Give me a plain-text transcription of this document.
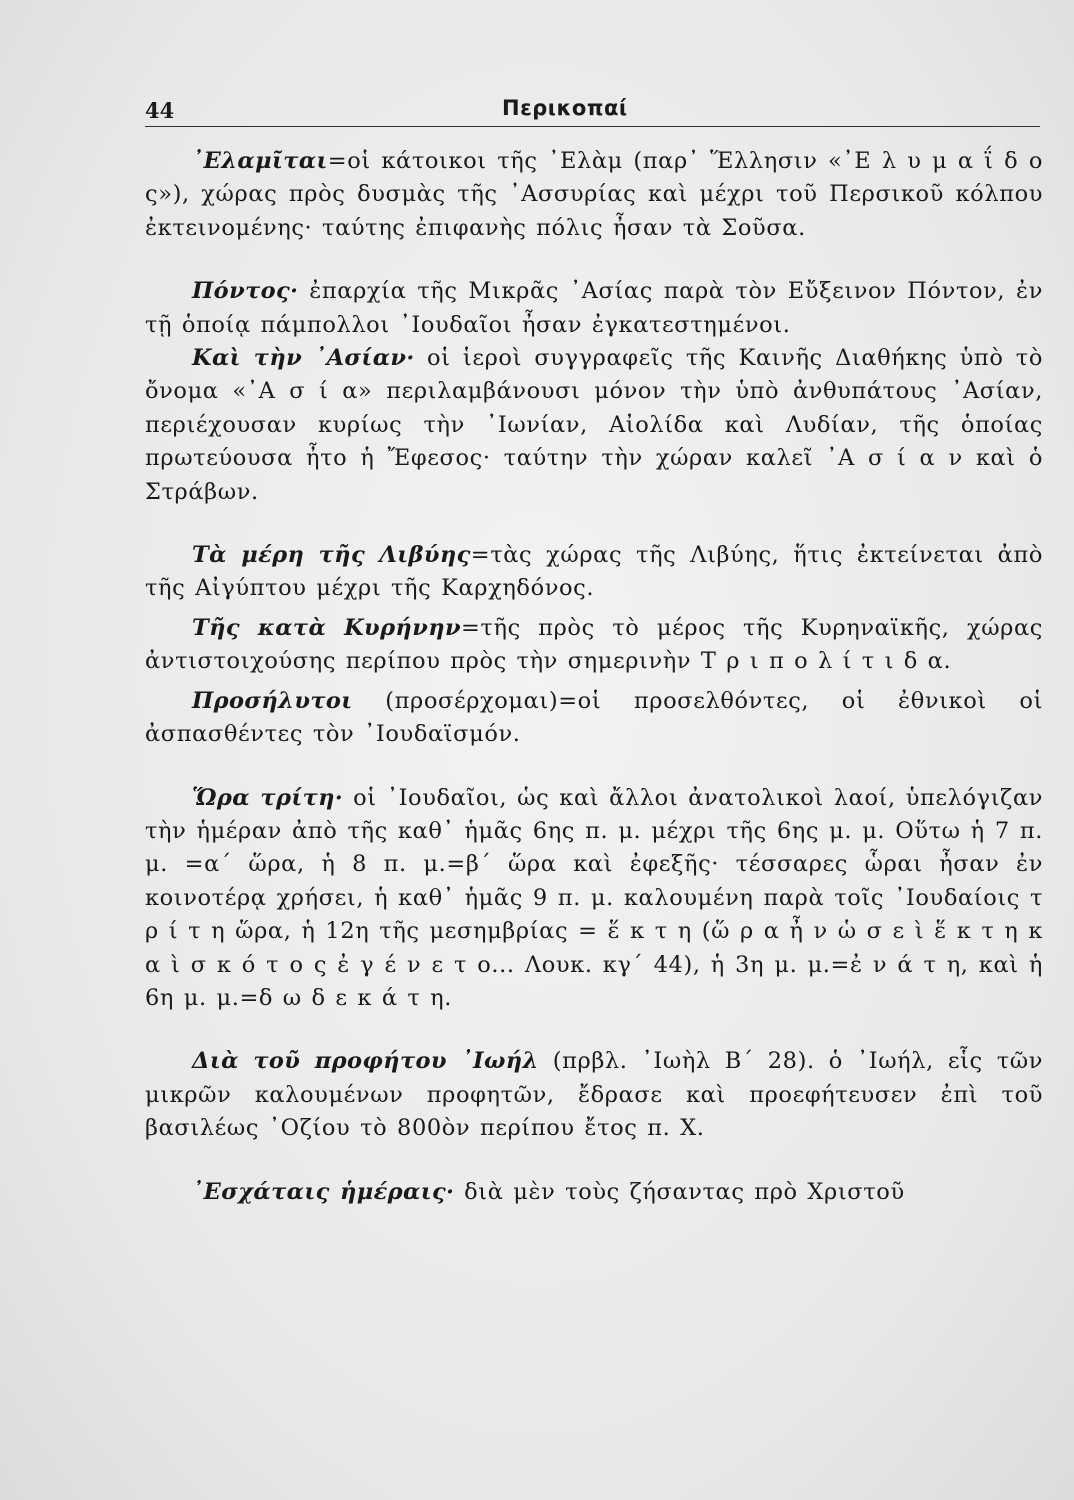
44	Περικοπαί

᾿Ελαμῖται=οἱ κάτοικοι τῆς ᾿Ελὰμ (παρ᾿ Ἕλλησιν «᾿Ε λ υ μ α ΐ δ ο ς»), χώρας πρὸς δυσμὰς τῆς ᾿Ασσυρίας καὶ μέχρι τοῦ Περσικοῦ κόλπου ἐκτεινομένης· ταύτης ἐπιφανὴς πόλις ἦσαν τὰ Σοῦσα.

Πόντος· ἐπαρχία τῆς Μικρᾶς ᾿Ασίας παρὰ τὸν Εὔξεινον Πόντον, ἐν τῇ ὁποίᾳ πάμπολλοι ᾿Ιουδαῖοι ἦσαν ἐγκατεστημένοι.

Καὶ τὴν ᾿Ασίαν· οἱ ἱεροὶ συγγραφεῖς τῆς Καινῆς Διαθήκης ὑπὸ τὸ ὄνομα «᾿Α σ ί α» περιλαμβάνουσι μόνον τὴν ὑπὸ ἀνθυπάτους ᾿Ασίαν, περιέχουσαν κυρίως τὴν ᾿Ιωνίαν, Αἰολίδα καὶ Λυδίαν, τῆς ὁποίας πρωτεύουσα ἦτο ἡ Ἔφεσος· ταύτην τὴν χώραν καλεῖ ᾿Α σ ί α ν καὶ ὁ Στράβων.

Τὰ μέρη τῆς Λιβύης=τὰς χώρας τῆς Λιβύης, ἥτις ἐκτείνεται ἀπὸ τῆς Αἰγύπτου μέχρι τῆς Καρχηδόνος.

Τῆς κατὰ Κυρήνην=τῆς πρὸς τὸ μέρος τῆς Κυρηναϊκῆς, χώρας ἀντιστοιχούσης περίπου πρὸς τὴν σημερινὴν Τ ρ ι π ο λ ί τ ι δ α.

Προσήλυτοι (προσέρχομαι)=οἱ προσελθόντες, οἱ ἐθνικοὶ οἱ ἀσπασθέντες τὸν ᾿Ιουδαϊσμόν.

Ὥρα τρίτη· οἱ ᾿Ιουδαῖοι, ὡς καὶ ἄλλοι ἀνατολικοὶ λαοί, ὑπελόγιζαν τὴν ἡμέραν ἀπὸ τῆς καθ᾿ ἡμᾶς 6ης π. μ. μέχρι τῆς 6ης μ. μ. Οὕτω ἡ 7 π. μ. =α΄ ὥρα, ἡ 8 π. μ.=β΄ ὥρα καὶ ἐφεξῆς· τέσσαρες ὧραι ἦσαν ἐν κοινοτέρᾳ χρήσει, ἡ καθ᾿ ἡμᾶς 9 π. μ. καλουμένη παρὰ τοῖς ᾿Ιουδαίοις τ ρ ί τ η ὥρα, ἡ 12η τῆς μεσημβρίας = ἕ κ τ η (ὥ ρ α ἦ ν ὡ σ ε ὶ ἕ κ τ η κ α ὶ σ κ ό τ ο ς ἐ γ έ ν ε τ ο... Λουκ. κγ΄ 44), ἡ 3η μ. μ.=ἐ ν ά τ η, καὶ ἡ 6η μ. μ.=δ ω δ ε κ ά τ η.

Διὰ τοῦ προφήτου ᾿Ιωήλ (πρβλ. ᾿Ιωὴλ Β΄ 28). ὁ ᾿Ιωήλ, εἷς τῶν μικρῶν καλουμένων προφητῶν, ἔδρασε καὶ προεφήτευσεν ἐπὶ τοῦ βασιλέως ᾿Οζίου τὸ 800ὸν περίπου ἔτος π. Χ.

᾿Εσχάταις ἡμέραις· διὰ μὲν τοὺς ζήσαντας πρὸ Χριστοῦ
